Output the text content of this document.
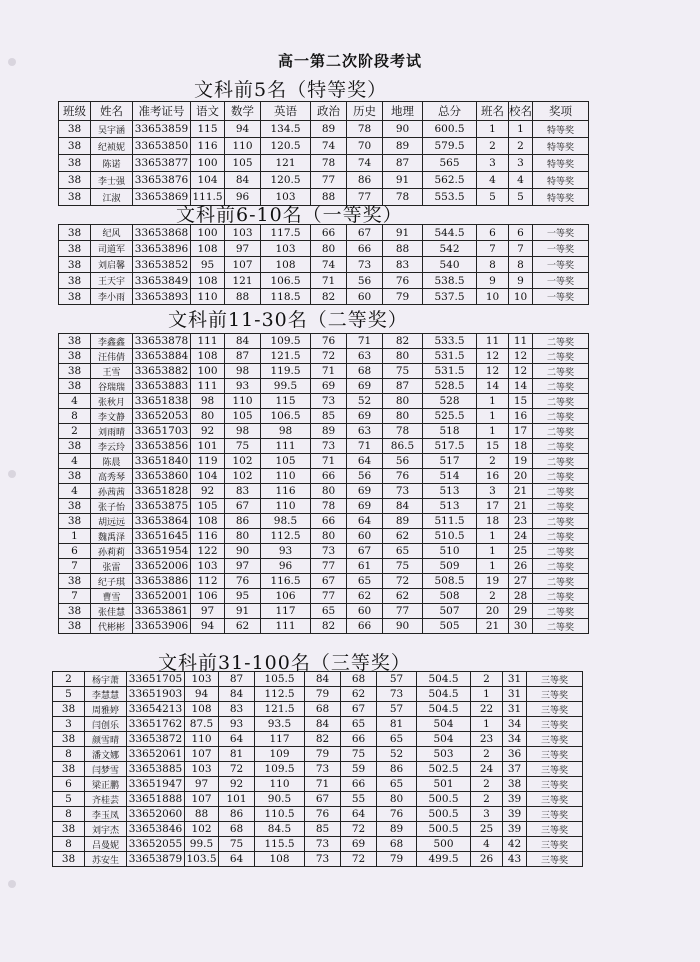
高一第二次阶段考试
文科前5名（特等奖）
班级	姓名	准考证号	语文	数学	英语	政治	历史	地理	总分	班名	校名	奖项
38	吴宇涵	33653859	115	94	134.5	89	78	90	600.5	1	1	特等奖
38	纪祯妮	33653850	116	110	120.5	74	70	89	579.5	2	2	特等奖
38	陈诺	33653877	100	105	121	78	74	87	565	3	3	特等奖
38	李士强	33653876	104	84	120.5	77	86	91	562.5	4	4	特等奖
38	江淑	33653869	111.5	96	103	88	77	78	553.5	5	5	特等奖
文科前6-10名（一等奖）
38	纪风	33653868	100	103	117.5	66	67	91	544.5	6	6	一等奖
38	司道军	33653896	108	97	103	80	66	88	542	7	7	一等奖
38	刘启馨	33653852	95	107	108	74	73	83	540	8	8	一等奖
38	王天宇	33653849	108	121	106.5	71	56	76	538.5	9	9	一等奖
38	李小雨	33653893	110	88	118.5	82	60	79	537.5	10	10	一等奖
文科前11-30名（二等奖）
38	李鑫鑫	33653878	111	84	109.5	76	71	82	533.5	11	11	二等奖
38	汪伟倩	33653884	108	87	121.5	72	63	80	531.5	12	12	二等奖
38	王雪	33653882	100	98	119.5	71	68	75	531.5	12	12	二等奖
38	谷瑞瑞	33653883	111	93	99.5	69	69	87	528.5	14	14	二等奖
4	张秋月	33651838	98	110	115	73	52	80	528	1	15	二等奖
8	李文静	33652053	80	105	106.5	85	69	80	525.5	1	16	二等奖
2	刘雨晴	33651703	92	98	98	89	63	78	518	1	17	二等奖
38	李云玲	33653856	101	75	111	73	71	86.5	517.5	15	18	二等奖
4	陈晨	33651840	119	102	105	71	64	56	517	2	19	二等奖
38	高秀琴	33653860	104	102	110	66	56	76	514	16	20	二等奖
4	孙茜茜	33651828	92	83	116	80	69	73	513	3	21	二等奖
38	张子怡	33653875	105	67	110	78	69	84	513	17	21	二等奖
38	胡远远	33653864	108	86	98.5	66	64	89	511.5	18	23	二等奖
1	魏禹泽	33651645	116	80	112.5	80	60	62	510.5	1	24	二等奖
6	孙莉莉	33651954	122	90	93	73	67	65	510	1	25	二等奖
7	张雷	33652006	103	97	96	77	61	75	509	1	26	二等奖
38	纪子琪	33653886	112	76	116.5	67	65	72	508.5	19	27	二等奖
7	曹雪	33652001	106	95	106	77	62	62	508	2	28	二等奖
38	张佳慧	33653861	97	91	117	65	60	77	507	20	29	二等奖
38	代彬彬	33653906	94	62	111	82	66	90	505	21	30	二等奖
文科前31-100名（三等奖）
2	杨宇萧	33651705	103	87	105.5	84	68	57	504.5	2	31	三等奖
5	李慧慧	33651903	94	84	112.5	79	62	73	504.5	1	31	三等奖
38	周雅婷	33654213	108	83	121.5	68	67	57	504.5	22	31	三等奖
3	闫创乐	33651762	87.5	93	93.5	84	65	81	504	1	34	三等奖
38	颜雪晴	33653872	110	64	117	82	66	65	504	23	34	三等奖
8	潘文娜	33652061	107	81	109	79	75	52	503	2	36	三等奖
38	闫梦雪	33653885	103	72	109.5	73	59	86	502.5	24	37	三等奖
6	梁正鹏	33651947	97	92	110	71	66	65	501	2	38	三等奖
5	齐桂芸	33651888	107	101	90.5	67	55	80	500.5	2	39	三等奖
8	李玉凤	33652060	88	86	110.5	76	64	76	500.5	3	39	三等奖
38	刘宇杰	33653846	102	68	84.5	85	72	89	500.5	25	39	三等奖
8	吕曼妮	33652055	99.5	75	115.5	73	69	68	500	4	42	三等奖
38	苏安生	33653879	103.5	64	108	73	72	79	499.5	26	43	三等奖
